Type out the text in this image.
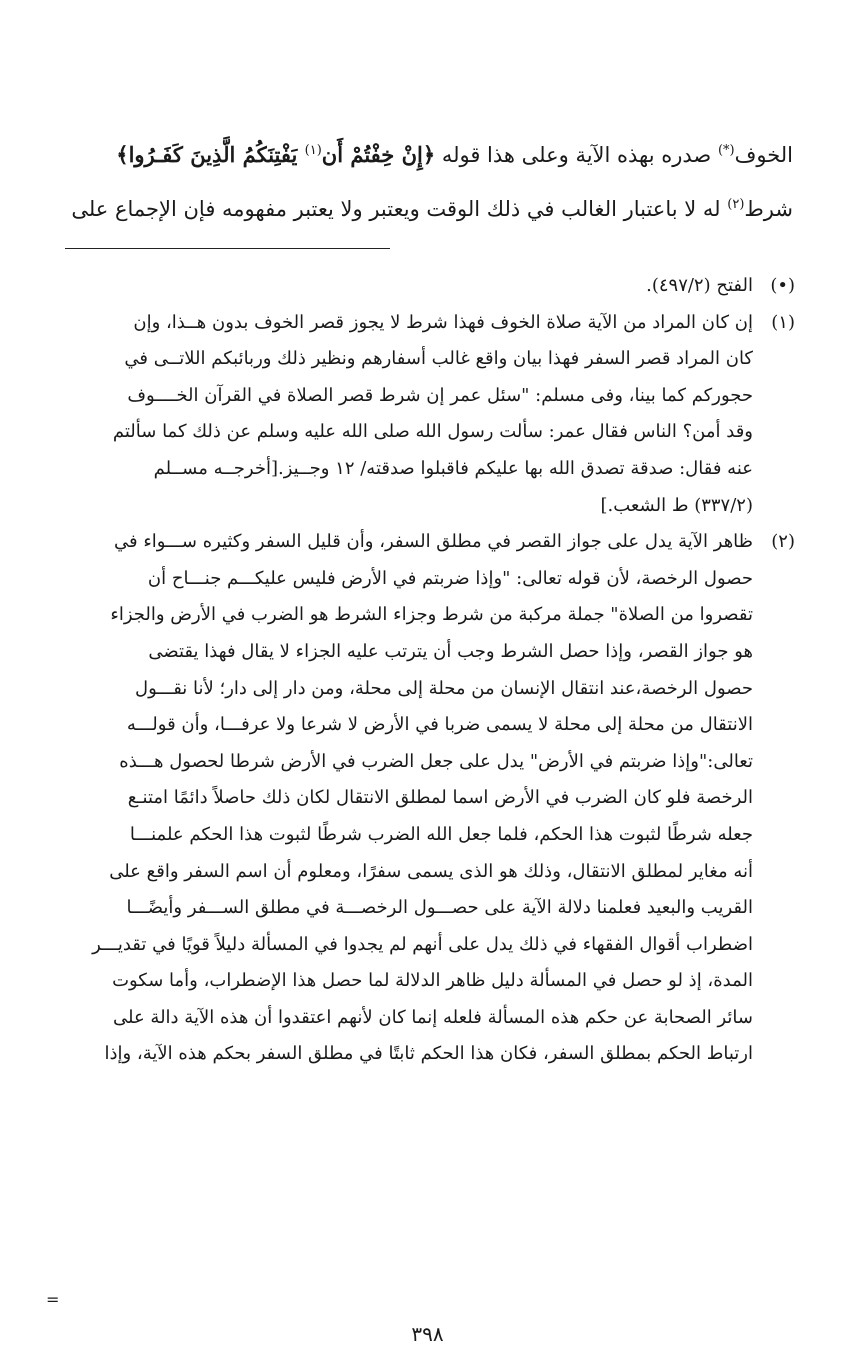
الخوف(*) صدره بهذه الآية وعلى هذا قوله ﴿إِنْ خِفْتُمْ أَن$^{(١)}$ يَفْتِنَكُمُ الَّذِينَ كَفَـرُوا﴾
شرط$^{(٢)}$ له لا باعتبار الغالب في ذلك الوقت ويعتبر ولا يعتبر مفهومه فإن الإجماع على
(•)
الفتح (٤٩٧/٢).
(١)
إن كان المراد من الآية صلاة الخوف فهذا شرط لا يجوز قصر الخوف بدون هــذا، وإن
كان المراد قصر السفر فهذا بيان واقع غالب أسفارهم ونظير ذلك وربائبكم اللاتــى في
حجوركم كما بينا، وفى مسلم: "سئل عمر إن شرط قصر الصلاة في القرآن الخــــوف
وقد أمن؟ الناس فقال عمر: سألت رسول الله صلى الله عليه وسلم عن ذلك كما سألتم
عنه فقال: صدقة تصدق الله بها عليكم فاقبلوا صدقته/ ١٢ وجــيز.[أخرجــه مســلم
(٣٣٧/٢) ط الشعب.]
(٢)
ظاهر الآية يدل على جواز القصر في مطلق السفر، وأن قليل السفر وكثيره ســـواء في
حصول الرخصة، لأن قوله تعالى: "وإذا ضربتم في الأرض فليس عليكـــم جنـــاح أن
تقصروا من الصلاة" جملة مركبة من شرط وجزاء الشرط هو الضرب في الأرض والجزاء
هو جواز القصر، وإذا حصل الشرط وجب أن يترتب عليه الجزاء لا يقال فهذا يقتضى
حصول الرخصة،عند انتقال الإنسان من محلة إلى محلة، ومن دار إلى دار؛ لأنا نقـــول
الانتقال من محلة إلى محلة لا يسمى ضربا في الأرض لا شرعا ولا عرفـــا، وأن قولـــه
تعالى:"وإذا ضربتم في الأرض" يدل على جعل الضرب في الأرض شرطا لحصول هـــذه
الرخصة فلو كان الضرب في الأرض اسما لمطلق الانتقال لكان ذلك حاصلاً دائمًا امتنـع
جعله شرطًا لثبوت هذا الحكم، فلما جعل الله الضرب شرطًا لثبوت هذا الحكم علمنـــا
أنه مغاير لمطلق الانتقال، وذلك هو الذى يسمى سفرًا، ومعلوم أن اسم السفر واقع على
القريب والبعيد فعلمنا دلالة الآية على حصـــول الرخصـــة في مطلق الســـفر وأيضًـــا
اضطراب أقوال الفقهاء في ذلك يدل على أنهم لم يجدوا في المسألة دليلاً قويًا في تقديـــر
المدة، إذ لو حصل في المسألة دليل ظاهر الدلالة لما حصل هذا الإضطراب، وأما سكوت
سائر الصحابة عن حكم هذه المسألة فلعله إنما كان لأنهم اعتقدوا أن هذه الآية دالة على
ارتباط الحكم بمطلق السفر، فكان هذا الحكم ثابتًا في مطلق السفر بحكم هذه الآية، وإذا
=
٣٩٨
